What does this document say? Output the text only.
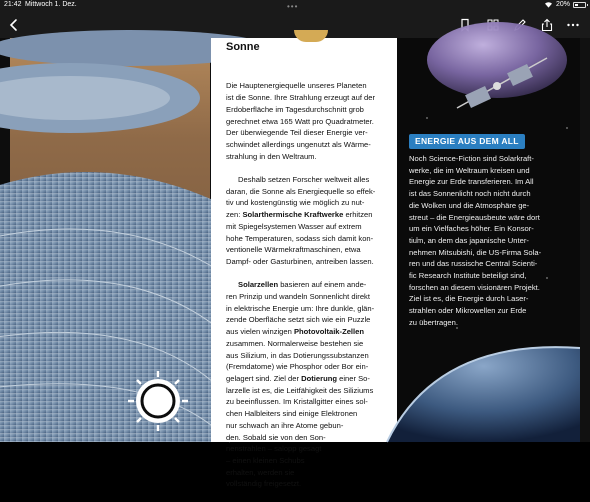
21:42 Mittwoch 1. Dez.	•••	20%
Sonne

Die Hauptenergiequelle unseres Planeten
ist die Sonne. Ihre Strahlung erzeugt auf der
Erdoberfläche im Tagesdurchschnitt grob
gerechnet etwa 165 Watt pro Quadratmeter.
Der überwiegende Teil dieser Energie ver-
schwindet allerdings ungenutzt als Wärme-
strahlung in den Weltraum.

Deshalb setzen Forscher weltweit alles
daran, die Sonne als Energiequelle so effek-
tiv und kostengünstig wie möglich zu nut-
zen: Solarthermische Kraftwerke erhitzen
mit Spiegelsystemen Wasser auf extrem
hohe Temperaturen, sodass sich damit kon-
ventionelle Wärmekraftmaschinen, etwa
Dampf- oder Gasturbinen, antreiben lassen.

Solarzellen basieren auf einem ande-
ren Prinzip und wandeln Sonnenlicht direkt
in elektrische Energie um: Ihre dunkle, glän-
zende Oberfläche setzt sich wie ein Puzzle
aus vielen winzigen Photovoltaik-Zellen
zusammen. Normalerweise bestehen sie
aus Silizium, in das Dotierungssubstanzen
(Fremdatome) wie Phosphor oder Bor ein-
gelagert sind. Ziel der Dotierung einer So-
larzelle ist es, die Leitfähigkeit des Siliziums
zu beeinflussen. Im Kristallgitter eines sol-
chen Halbleiters sind einige Elektronen
nur schwach an ihre Atome gebun-
den. Sobald sie von den Son-
nenstrahlen – salopp gesagt
– einen kleinen Schubs
erhalten, werden sie
vollständig freigesetzt.

ENERGIE AUS DEM ALL
Noch Science-Fiction sind Solarkraft-
werke, die im Weltraum kreisen und
Energie zur Erde transferieren. Im All
ist das Sonnenlicht noch nicht durch
die Wolken und die Atmosphäre ge-
streut – die Energieausbeute wäre dort
um ein Vielfaches höher. Ein Konsor-
tium, an dem das japanische Unter-
nehmen Mitsubishi, die US-Firma Sola-
ren und das russische Central Scienti-
fic Research Institute beteiligt sind,
forschen an diesem visionären Projekt.
Ziel ist es, die Energie durch Laser-
strahlen oder Mikrowellen zur Erde
zu übertragen.
